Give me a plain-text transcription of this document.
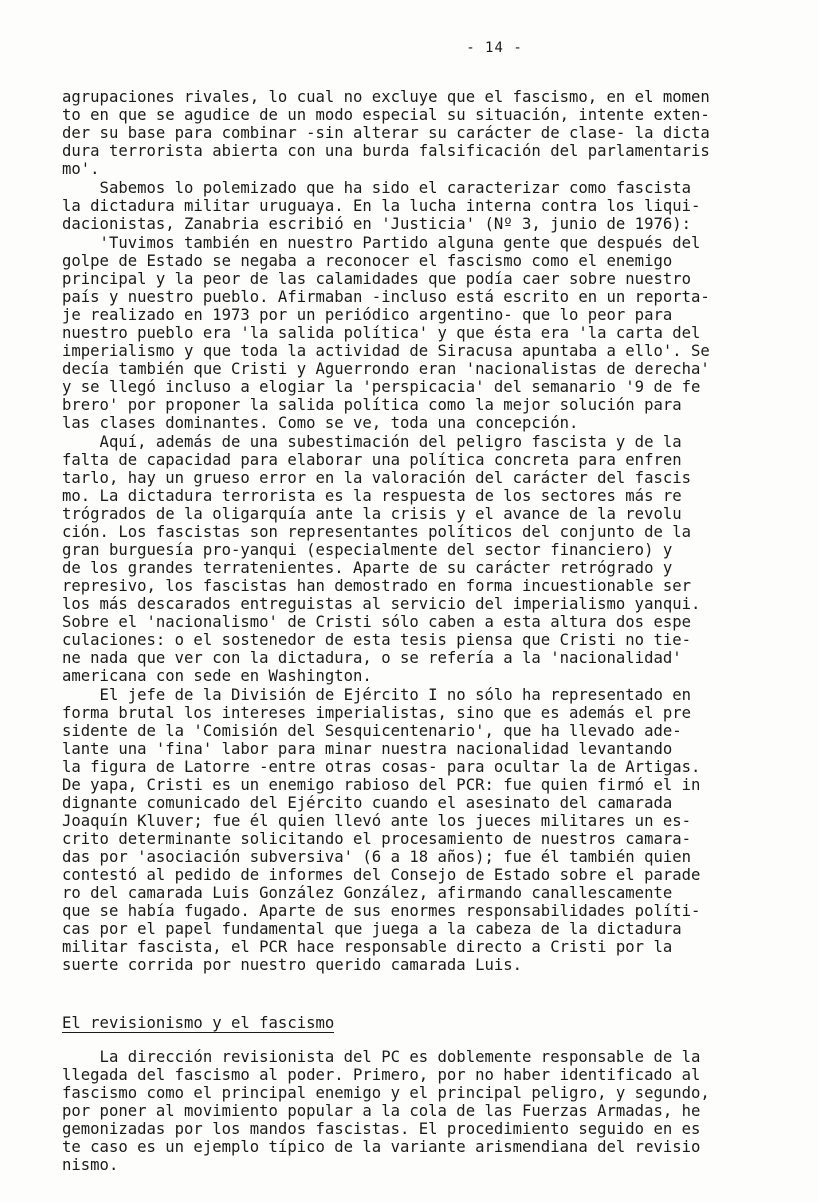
- 14 -
agrupaciones rivales, lo cual no excluye que el fascismo, en el momen
to en que se agudice de un modo especial su situación, intente exten-
der su base para combinar -sin alterar su carácter de clase- la dicta
dura terrorista abierta con una burda falsificación del parlamentaris
mo'.
Sabemos lo polemizado que ha sido el caracterizar como fascista
la dictadura militar uruguaya. En la lucha interna contra los liqui-
dacionistas, Zanabria escribió en 'Justicia' (Nº 3, junio de 1976):
'Tuvimos también en nuestro Partido alguna gente que después del
golpe de Estado se negaba a reconocer el fascismo como el enemigo
principal y la peor de las calamidades que podía caer sobre nuestro
país y nuestro pueblo. Afirmaban -incluso está escrito en un reporta-
je realizado en 1973 por un periódico argentino- que lo peor para
nuestro pueblo era 'la salida política' y que ésta era 'la carta del
imperialismo y que toda la actividad de Siracusa apuntaba a ello'. Se
decía también que Cristi y Aguerrondo eran 'nacionalistas de derecha'
y se llegó incluso a elogiar la 'perspicacia' del semanario '9 de fe
brero' por proponer la salida política como la mejor solución para
las clases dominantes. Como se ve, toda una concepción.
Aquí, además de una subestimación del peligro fascista y de la
falta de capacidad para elaborar una política concreta para enfren
tarlo, hay un grueso error en la valoración del carácter del fascis
mo. La dictadura terrorista es la respuesta de los sectores más re
trógrados de la oligarquía ante la crisis y el avance de la revolu
ción. Los fascistas son representantes políticos del conjunto de la
gran burguesía pro-yanqui (especialmente del sector financiero) y
de los grandes terratenientes. Aparte de su carácter retrógrado y
represivo, los fascistas han demostrado en forma incuestionable ser
los más descarados entreguistas al servicio del imperialismo yanqui.
Sobre el 'nacionalismo' de Cristi sólo caben a esta altura dos espe
culaciones: o el sostenedor de esta tesis piensa que Cristi no tie-
ne nada que ver con la dictadura, o se refería a la 'nacionalidad'
americana con sede en Washington.
El jefe de la División de Ejército I no sólo ha representado en
forma brutal los intereses imperialistas, sino que es además el pre
sidente de la 'Comisión del Sesquicentenario', que ha llevado ade-
lante una 'fina' labor para minar nuestra nacionalidad levantando
la figura de Latorre -entre otras cosas- para ocultar la de Artigas.
De yapa, Cristi es un enemigo rabioso del PCR: fue quien firmó el in
dignante comunicado del Ejército cuando el asesinato del camarada
Joaquín Kluver; fue él quien llevó ante los jueces militares un es-
crito determinante solicitando el procesamiento de nuestros camara-
das por 'asociación subversiva' (6 a 18 años); fue él también quien
contestó al pedido de informes del Consejo de Estado sobre el parade
ro del camarada Luis González González, afirmando canallescamente
que se había fugado. Aparte de sus enormes responsabilidades políti-
cas por el papel fundamental que juega a la cabeza de la dictadura
militar fascista, el PCR hace responsable directo a Cristi por la
suerte corrida por nuestro querido camarada Luis.
El revisionismo y el fascismo
La dirección revisionista del PC es doblemente responsable de la
llegada del fascismo al poder. Primero, por no haber identificado al
fascismo como el principal enemigo y el principal peligro, y segundo,
por poner al movimiento popular a la cola de las Fuerzas Armadas, he
gemonizadas por los mandos fascistas. El procedimiento seguido en es
te caso es un ejemplo típico de la variante arismendiana del revisio
nismo.
